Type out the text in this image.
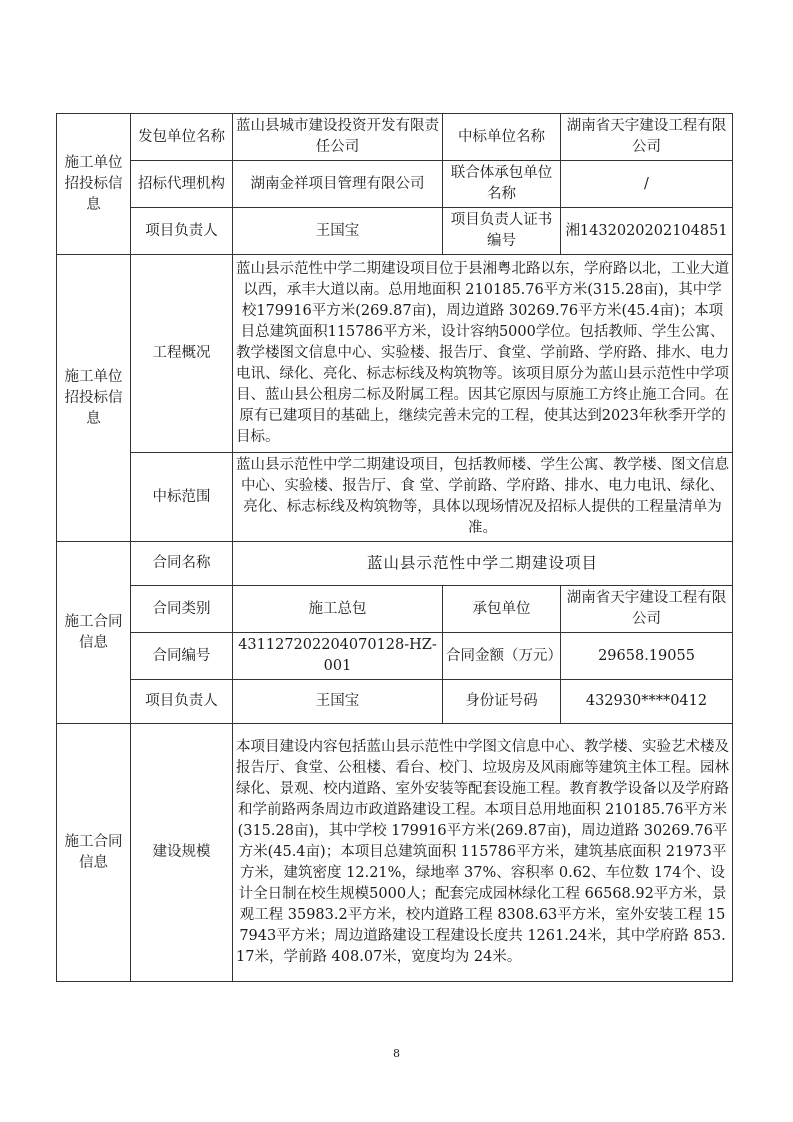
施工单位招投标信息	发包单位名称	蓝山县城市建设投资开发有限责任公司	中标单位名称	湖南省天宇建设工程有限公司
	招标代理机构	湖南金祥项目管理有限公司	联合体承包单位名称	/
	项目负责人	王国宝	项目负责人证书编号	湘1432020202104851
施工单位招投标信息	工程概况	蓝山县示范性中学二期建设项目位于县湘粤北路以东，学府路以北，工业大道以西，承丰大道以南。总用地面积 210185.76平方米(315.28亩)，其中学校179916平方米(269.87亩)，周边道路 30269.76平方米(45.4亩)；本项目总建筑面积115786平方米，设计容纳5000学位。包括教师、学生公寓、教学楼图文信息中心、实验楼、报告厅、食堂、学前路、学府路、排水、电力电讯、绿化、亮化、标志标线及构筑物等。该项目原分为蓝山县示范性中学项目、蓝山县公租房二标及附属工程。因其它原因与原施工方终止施工合同。在原有已建项目的基础上，继续完善未完的工程，使其达到2023年秋季开学的目标。		
	中标范围	蓝山县示范性中学二期建设项目，包括教师楼、学生公寓、教学楼、图文信息中心、实验楼、报告厅、食 堂、学前路、学府路、排水、电力电讯、绿化、亮化、标志标线及构筑物等，具体以现场情况及招标人提供的工程量清单为准。		
施工合同信息	合同名称	蓝山县示范性中学二期建设项目		
	合同类别	施工总包	承包单位	湖南省天宇建设工程有限公司
	合同编号	431127202204070128-HZ-001	合同金额（万元）	29658.19055
	项目负责人	王国宝	身份证号码	432930****0412
施工合同信息	建设规模	本项目建设内容包括蓝山县示范性中学图文信息中心、教学楼、实验艺术楼及报告厅、食堂、公租楼、看台、校门、垃圾房及风雨廊等建筑主体工程。园林绿化、景观、校内道路、室外安装等配套设施工程。教育教学设备以及学府路和学前路两条周边市政道路建设工程。本项目总用地面积 210185.76平方米(315.28亩)，其中学校 179916平方米(269.87亩)，周边道路 30269.76平方米(45.4亩)；本项目总建筑面积 115786平方米，建筑基底面积 21973平方米，建筑密度 12.21%，绿地率 37%、容积率 0.62、车位数 174个、设计全日制在校生规模5000人；配套完成园林绿化工程 66568.92平方米，景观工程 35983.2平方米，校内道路工程 8308.63平方米，室外安装工程 157943平方米；周边道路建设工程建设长度共 1261.24米，其中学府路 853.17米，学前路 408.07米，宽度均为 24米。		
8
